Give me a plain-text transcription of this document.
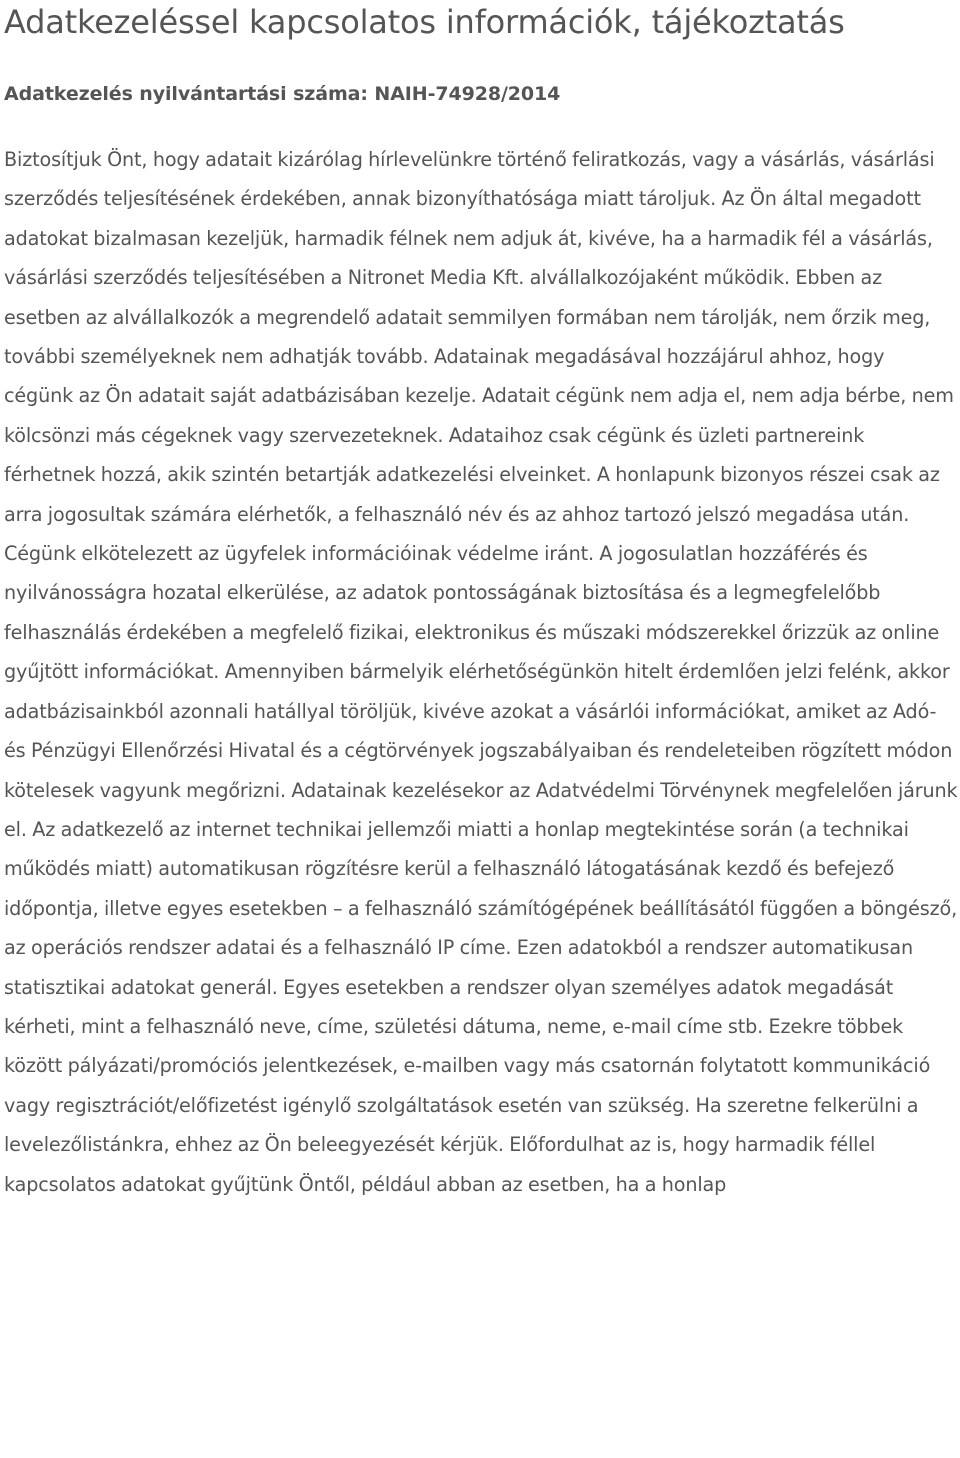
Adatkezeléssel kapcsolatos információk, tájékoztatás
Adatkezelés nyilvántartási száma: NAIH-74928/2014

Biztosítjuk Önt, hogy adatait kizárólag hírlevelünkre történő feliratkozás, vagy a vásárlás, vásárlási szerződés teljesítésének érdekében, annak bizonyíthatósága miatt tároljuk. Az Ön által megadott adatokat bizalmasan kezeljük, harmadik félnek nem adjuk át, kivéve, ha a harmadik fél a vásárlás, vásárlási szerződés teljesítésében a Nitronet Media Kft. alvállalkozójaként működik. Ebben az esetben az alvállalkozók a megrendelő adatait semmilyen formában nem tárolják, nem őrzik meg, további személyeknek nem adhatják tovább. Adatainak megadásával hozzájárul ahhoz, hogy cégünk az Ön adatait saját adatbázisában kezelje. Adatait cégünk nem adja el, nem adja bérbe, nem kölcsönzi más cégeknek vagy szervezeteknek. Adataihoz csak cégünk és üzleti partnereink férhetnek hozzá, akik szintén betartják adatkezelési elveinket. A honlapunk bizonyos részei csak az arra jogosultak számára elérhetők, a felhasználó név és az ahhoz tartozó jelszó megadása után. Cégünk elkötelezett az ügyfelek információinak védelme iránt. A jogosulatlan hozzáférés és nyilvánosságra hozatal elkerülése, az adatok pontosságának biztosítása és a legmegfelelőbb felhasználás érdekében a megfelelő fizikai, elektronikus és műszaki módszerekkel őrizzük az online gyűjtött információkat. Amennyiben bármelyik elérhetőségünkön hitelt érdemlően jelzi felénk, akkor adatbázisainkból azonnali hatállyal töröljük, kivéve azokat a vásárlói információkat, amiket az Adó- és Pénzügyi Ellenőrzési Hivatal és a cégtörvények jogszabályaiban és rendeleteiben rögzített módon kötelesek vagyunk megőrizni. Adatainak kezelésekor az Adatvédelmi Törvénynek megfelelően járunk el. Az adatkezelő az internet technikai jellemzői miatti a honlap megtekintése során (a technikai működés miatt) automatikusan rögzítésre kerül a felhasználó látogatásának kezdő és befejező időpontja, illetve egyes esetekben – a felhasználó számítógépének beállításától függően a böngésző, az operációs rendszer adatai és a felhasználó IP címe. Ezen adatokból a rendszer automatikusan statisztikai adatokat generál. Egyes esetekben a rendszer olyan személyes adatok megadását kérheti, mint a felhasználó neve, címe, születési dátuma, neme, e-mail címe stb. Ezekre többek között pályázati/promóciós jelentkezések, e-mailben vagy más csatornán folytatott kommunikáció vagy regisztrációt/előfizetést igénylő szolgáltatások esetén van szükség. Ha szeretne felkerülni a levelezőlistánkra, ehhez az Ön beleegyezését kérjük. Előfordulhat az is, hogy harmadik féllel kapcsolatos adatokat gyűjtünk Öntől, például abban az esetben, ha a honlap
